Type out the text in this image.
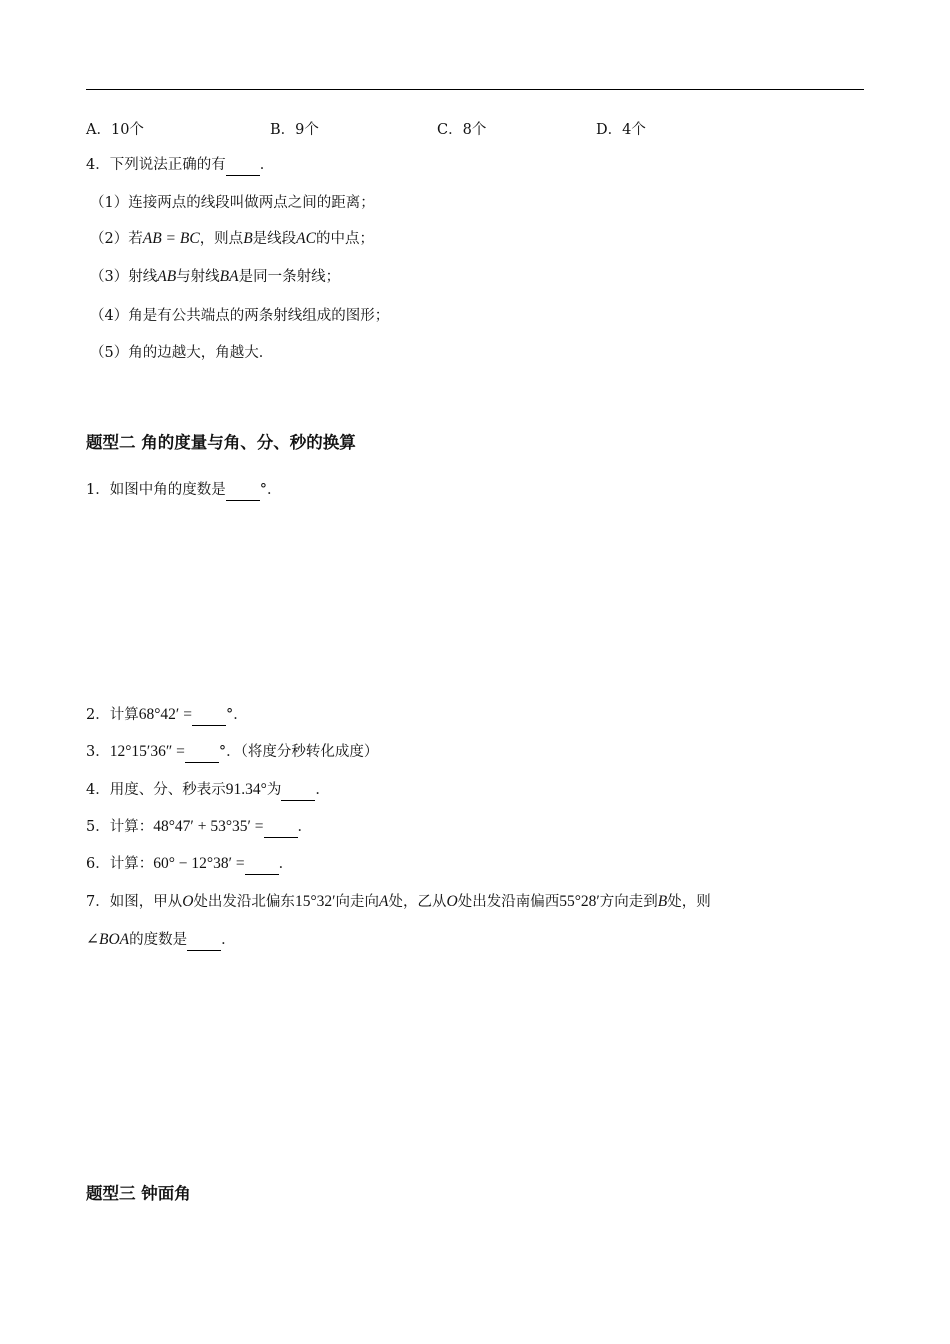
A．10个	B．9个	C．8个	D．4个
4．下列说法正确的有 ．
（1）连接两点的线段叫做两点之间的距离；
（2）若AB = BC，则点B是线段AC的中点；
（3）射线AB与射线BA是同一条射线；
（4）角是有公共端点的两条射线组成的图形；
（5）角的边越大，角越大．
题型二 角的度量与角、分、秒的换算
1．如图中角的度数是 °．
2．计算68°42′ = °．
3．12°15′36″ = °．（将度分秒转化成度）
4．用度、分、秒表示91.34°为 ．
5．计算：48°47′ + 53°35′ = ．
6．计算：60° − 12°38′ = ．
7．如图，甲从O处出发沿北偏东15°32′向走向A处，乙从O处出发沿南偏西55°28′方向走到B处，则
∠BOA的度数是 ．
题型三 钟面角
